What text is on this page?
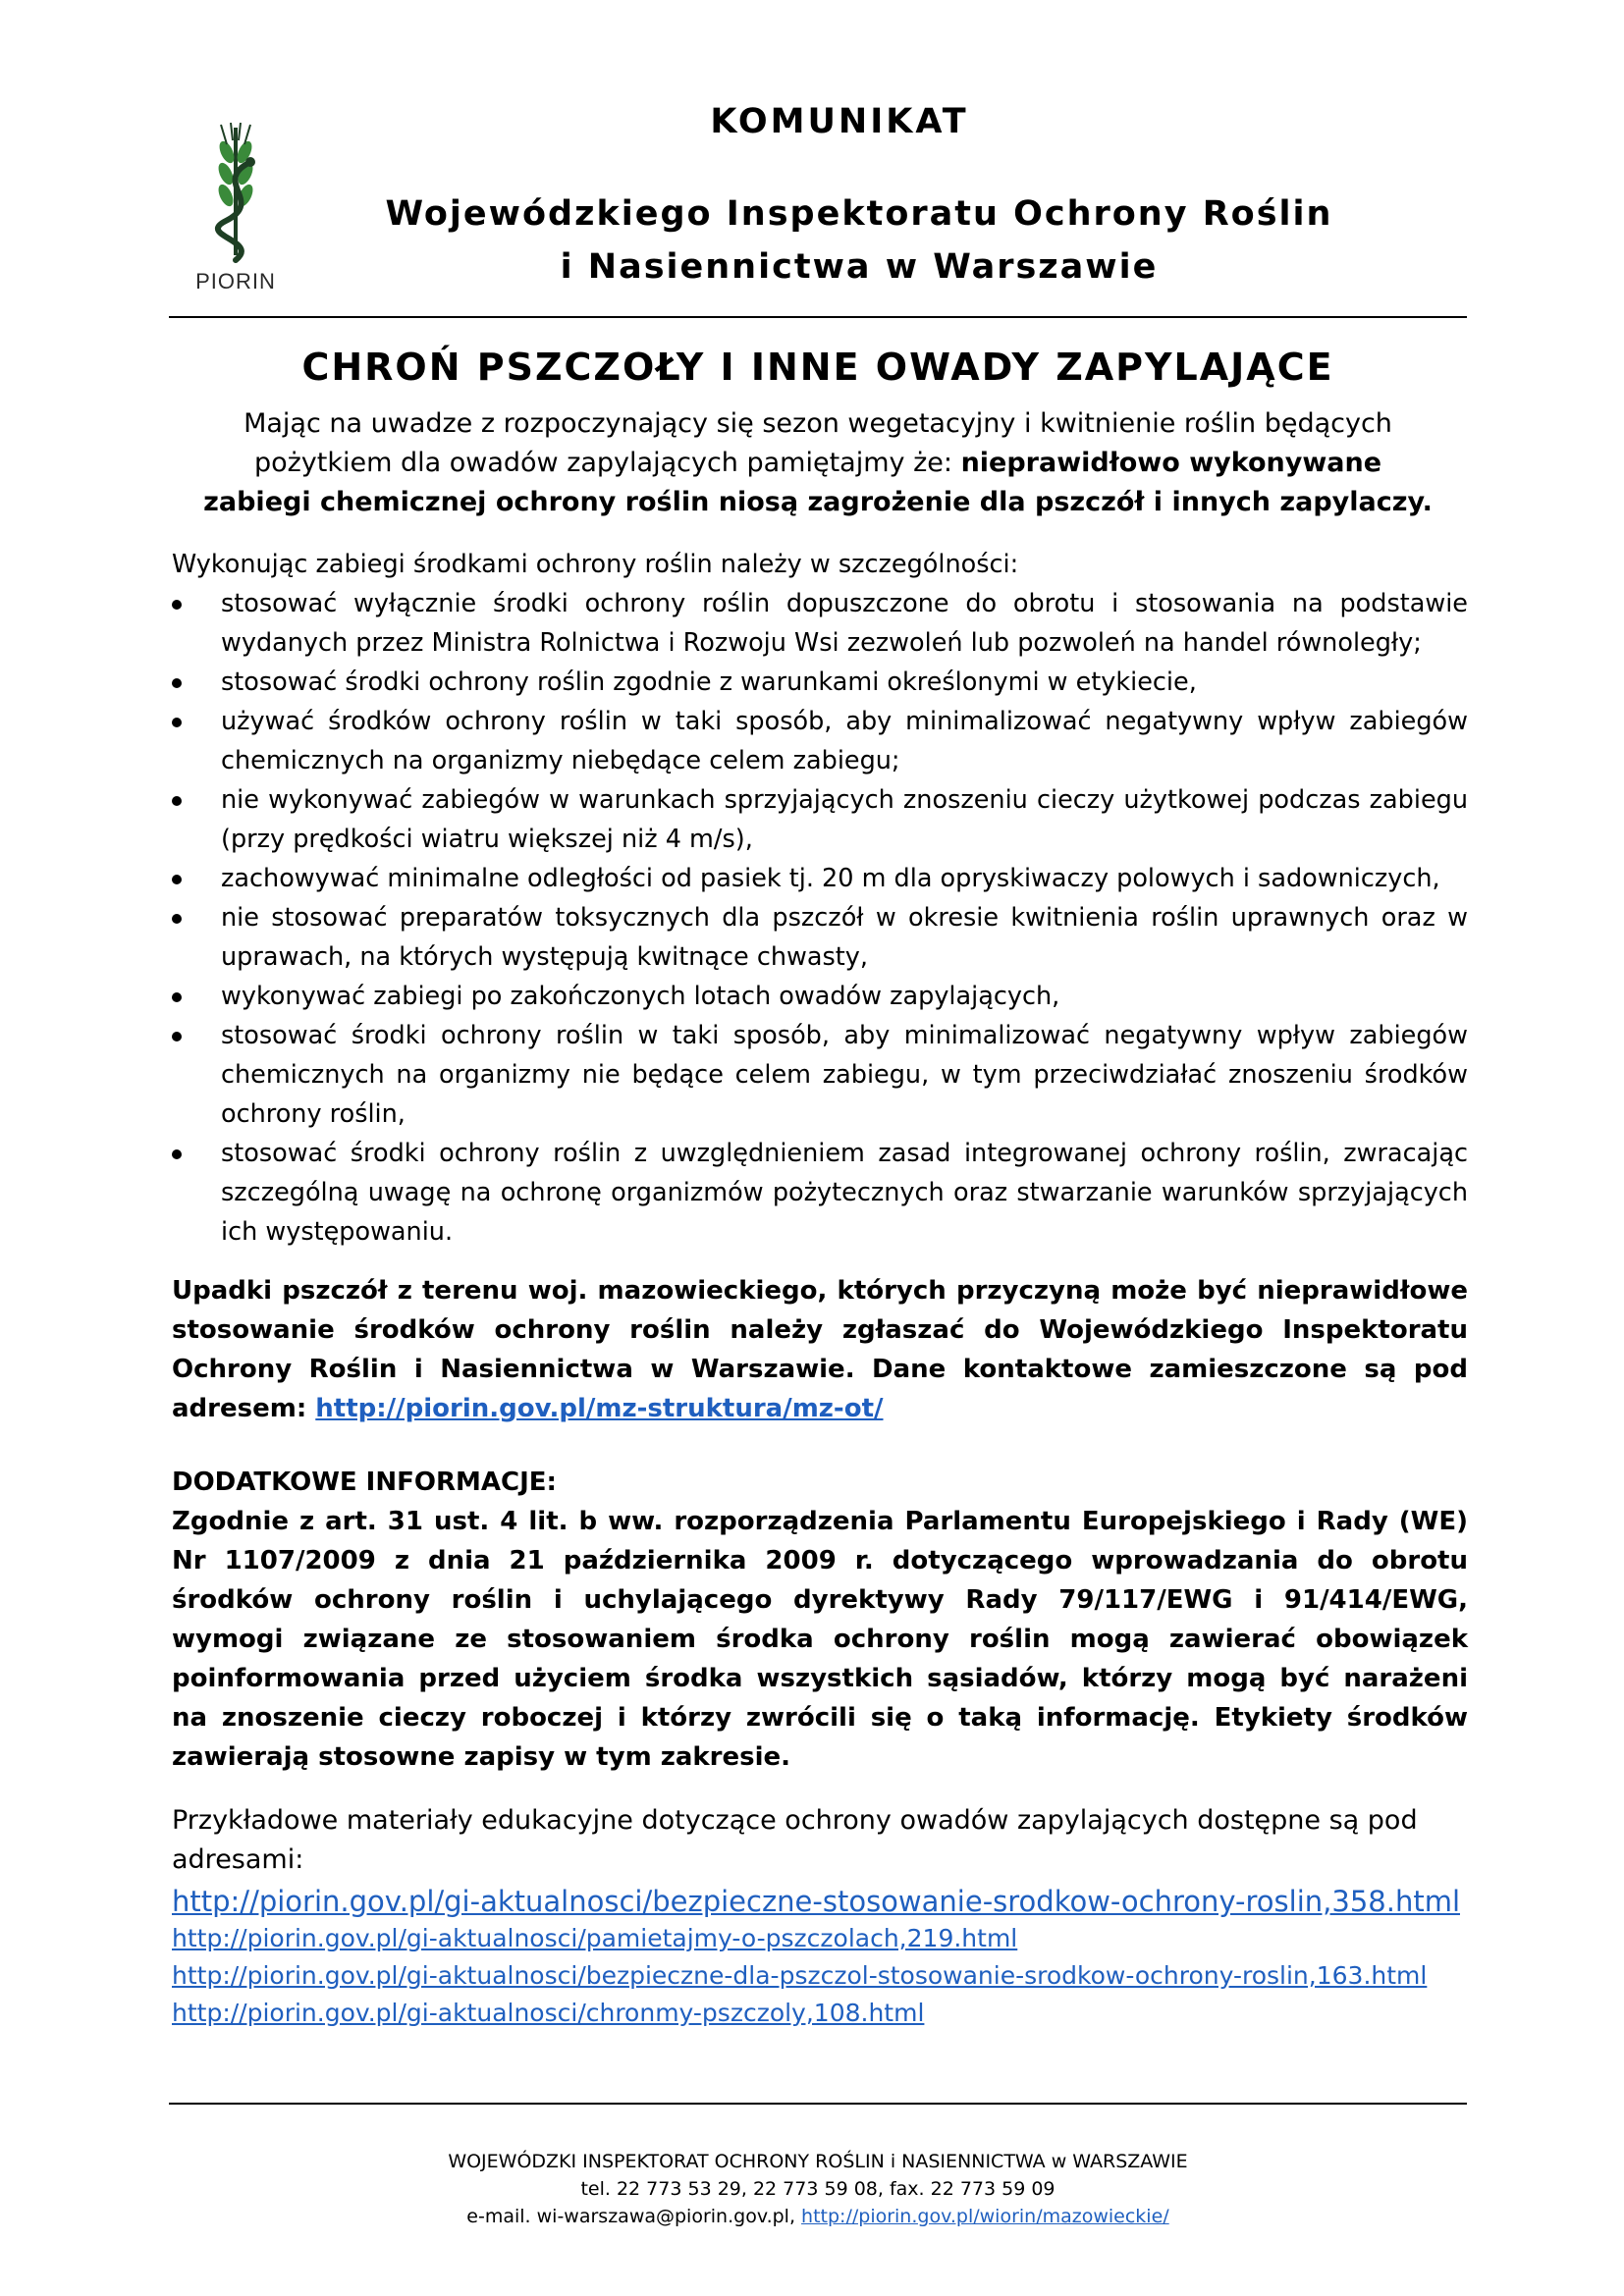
PIORIN
KOMUNIKAT
Wojewódzkiego Inspektoratu Ochrony Roślin
i Nasiennictwa w Warszawie
CHROŃ PSZCZOŁY I INNE OWADY ZAPYLAJĄCE
Mając na uwadze z rozpoczynający się sezon wegetacyjny i kwitnienie roślin będących
pożytkiem dla owadów zapylających pamiętajmy że: nieprawidłowo wykonywane
zabiegi chemicznej ochrony roślin niosą zagrożenie dla pszczół i innych zapylaczy.
Wykonując zabiegi środkami ochrony roślin należy w szczególności:
stosować wyłącznie środki ochrony roślin dopuszczone do obrotu i stosowania na podstawie wydanych przez Ministra Rolnictwa i Rozwoju Wsi zezwoleń lub pozwoleń na handel równoległy;
stosować środki ochrony roślin zgodnie z warunkami określonymi w etykiecie,
używać środków ochrony roślin w taki sposób, aby minimalizować negatywny wpływ zabiegów chemicznych na organizmy niebędące celem zabiegu;
nie wykonywać zabiegów w warunkach sprzyjających znoszeniu cieczy użytkowej podczas zabiegu (przy prędkości wiatru większej niż 4 m/s),
zachowywać minimalne odległości od pasiek tj. 20 m dla opryskiwaczy polowych i sadowniczych,
nie stosować preparatów toksycznych dla pszczół w okresie kwitnienia roślin uprawnych oraz w uprawach, na których występują kwitnące chwasty,
wykonywać zabiegi po zakończonych lotach owadów zapylających,
stosować środki ochrony roślin w taki sposób, aby minimalizować negatywny wpływ zabiegów chemicznych na organizmy nie będące celem zabiegu, w tym przeciwdziałać znoszeniu środków ochrony roślin,
stosować środki ochrony roślin z uwzględnieniem zasad integrowanej ochrony roślin, zwracając szczególną uwagę na ochronę organizmów pożytecznych oraz stwarzanie warunków sprzyjających ich występowaniu.
Upadki pszczół z terenu woj. mazowieckiego, których przyczyną może być nieprawidłowe stosowanie środków ochrony roślin należy zgłaszać do Wojewódzkiego Inspektoratu Ochrony Roślin i Nasiennictwa w Warszawie. Dane kontaktowe zamieszczone są pod adresem: http://piorin.gov.pl/mz-struktura/mz-ot/
DODATKOWE INFORMACJE:
Zgodnie z art. 31 ust. 4 lit. b ww. rozporządzenia Parlamentu Europejskiego i Rady (WE) Nr 1107/2009 z dnia 21 października 2009 r. dotyczącego wprowadzania do obrotu środków ochrony roślin i uchylającego dyrektywy Rady 79/117/EWG i 91/414/EWG, wymogi związane ze stosowaniem środka ochrony roślin mogą zawierać obowiązek poinformowania przed użyciem środka wszystkich sąsiadów, którzy mogą być narażeni na znoszenie cieczy roboczej i którzy zwrócili się o taką informację. Etykiety środków zawierają stosowne zapisy w tym zakresie.
Przykładowe materiały edukacyjne dotyczące ochrony owadów zapylających dostępne są pod adresami:
http://piorin.gov.pl/gi-aktualnosci/bezpieczne-stosowanie-srodkow-ochrony-roslin,358.html
http://piorin.gov.pl/gi-aktualnosci/pamietajmy-o-pszczolach,219.html
http://piorin.gov.pl/gi-aktualnosci/bezpieczne-dla-pszczol-stosowanie-srodkow-ochrony-roslin,163.html
http://piorin.gov.pl/gi-aktualnosci/chronmy-pszczoly,108.html
WOJEWÓDZKI INSPEKTORAT OCHRONY ROŚLIN i NASIENNICTWA w WARSZAWIE
tel. 22 773 53 29, 22 773 59 08, fax. 22 773 59 09
e-mail. wi-warszawa@piorin.gov.pl, http://piorin.gov.pl/wiorin/mazowieckie/
